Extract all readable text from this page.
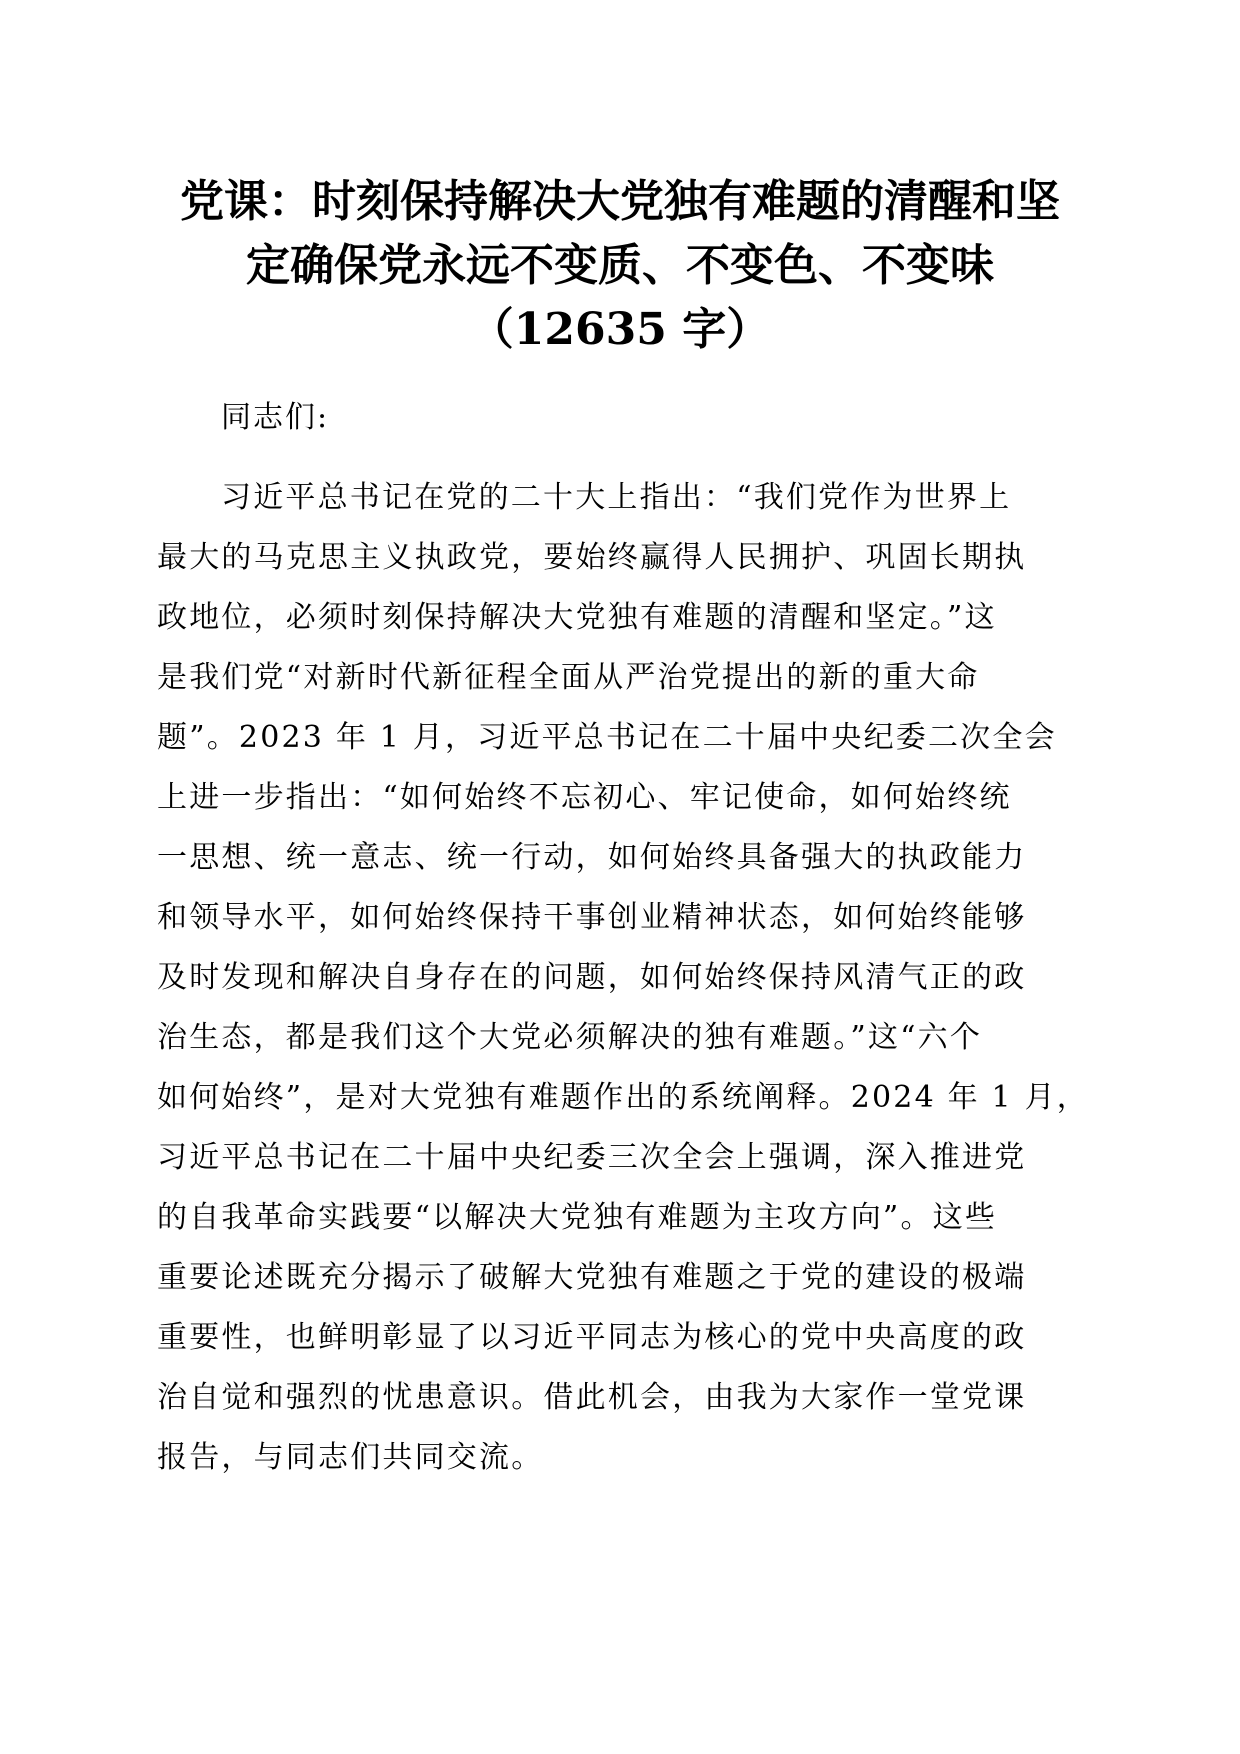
党课：时刻保持解决大党独有难题的清醒和坚
定确保党永远不变质、不变色、不变味
（12635 字）
同志们:
习近平总书记在党的二十大上指出：“我们党作为世界上
最大的马克思主义执政党，要始终赢得人民拥护、巩固长期执
政地位，必须时刻保持解决大党独有难题的清醒和坚定。”这
是我们党“对新时代新征程全面从严治党提出的新的重大命
题”。2023 年 1 月，习近平总书记在二十届中央纪委二次全会
上进一步指出：“如何始终不忘初心、牢记使命，如何始终统
一思想、统一意志、统一行动，如何始终具备强大的执政能力
和领导水平，如何始终保持干事创业精神状态，如何始终能够
及时发现和解决自身存在的问题，如何始终保持风清气正的政
治生态，都是我们这个大党必须解决的独有难题。”这“六个
如何始终”，是对大党独有难题作出的系统阐释。2024 年 1 月，
习近平总书记在二十届中央纪委三次全会上强调，深入推进党
的自我革命实践要“以解决大党独有难题为主攻方向”。这些
重要论述既充分揭示了破解大党独有难题之于党的建设的极端
重要性，也鲜明彰显了以习近平同志为核心的党中央高度的政
治自觉和强烈的忧患意识。借此机会，由我为大家作一堂党课
报告，与同志们共同交流。
